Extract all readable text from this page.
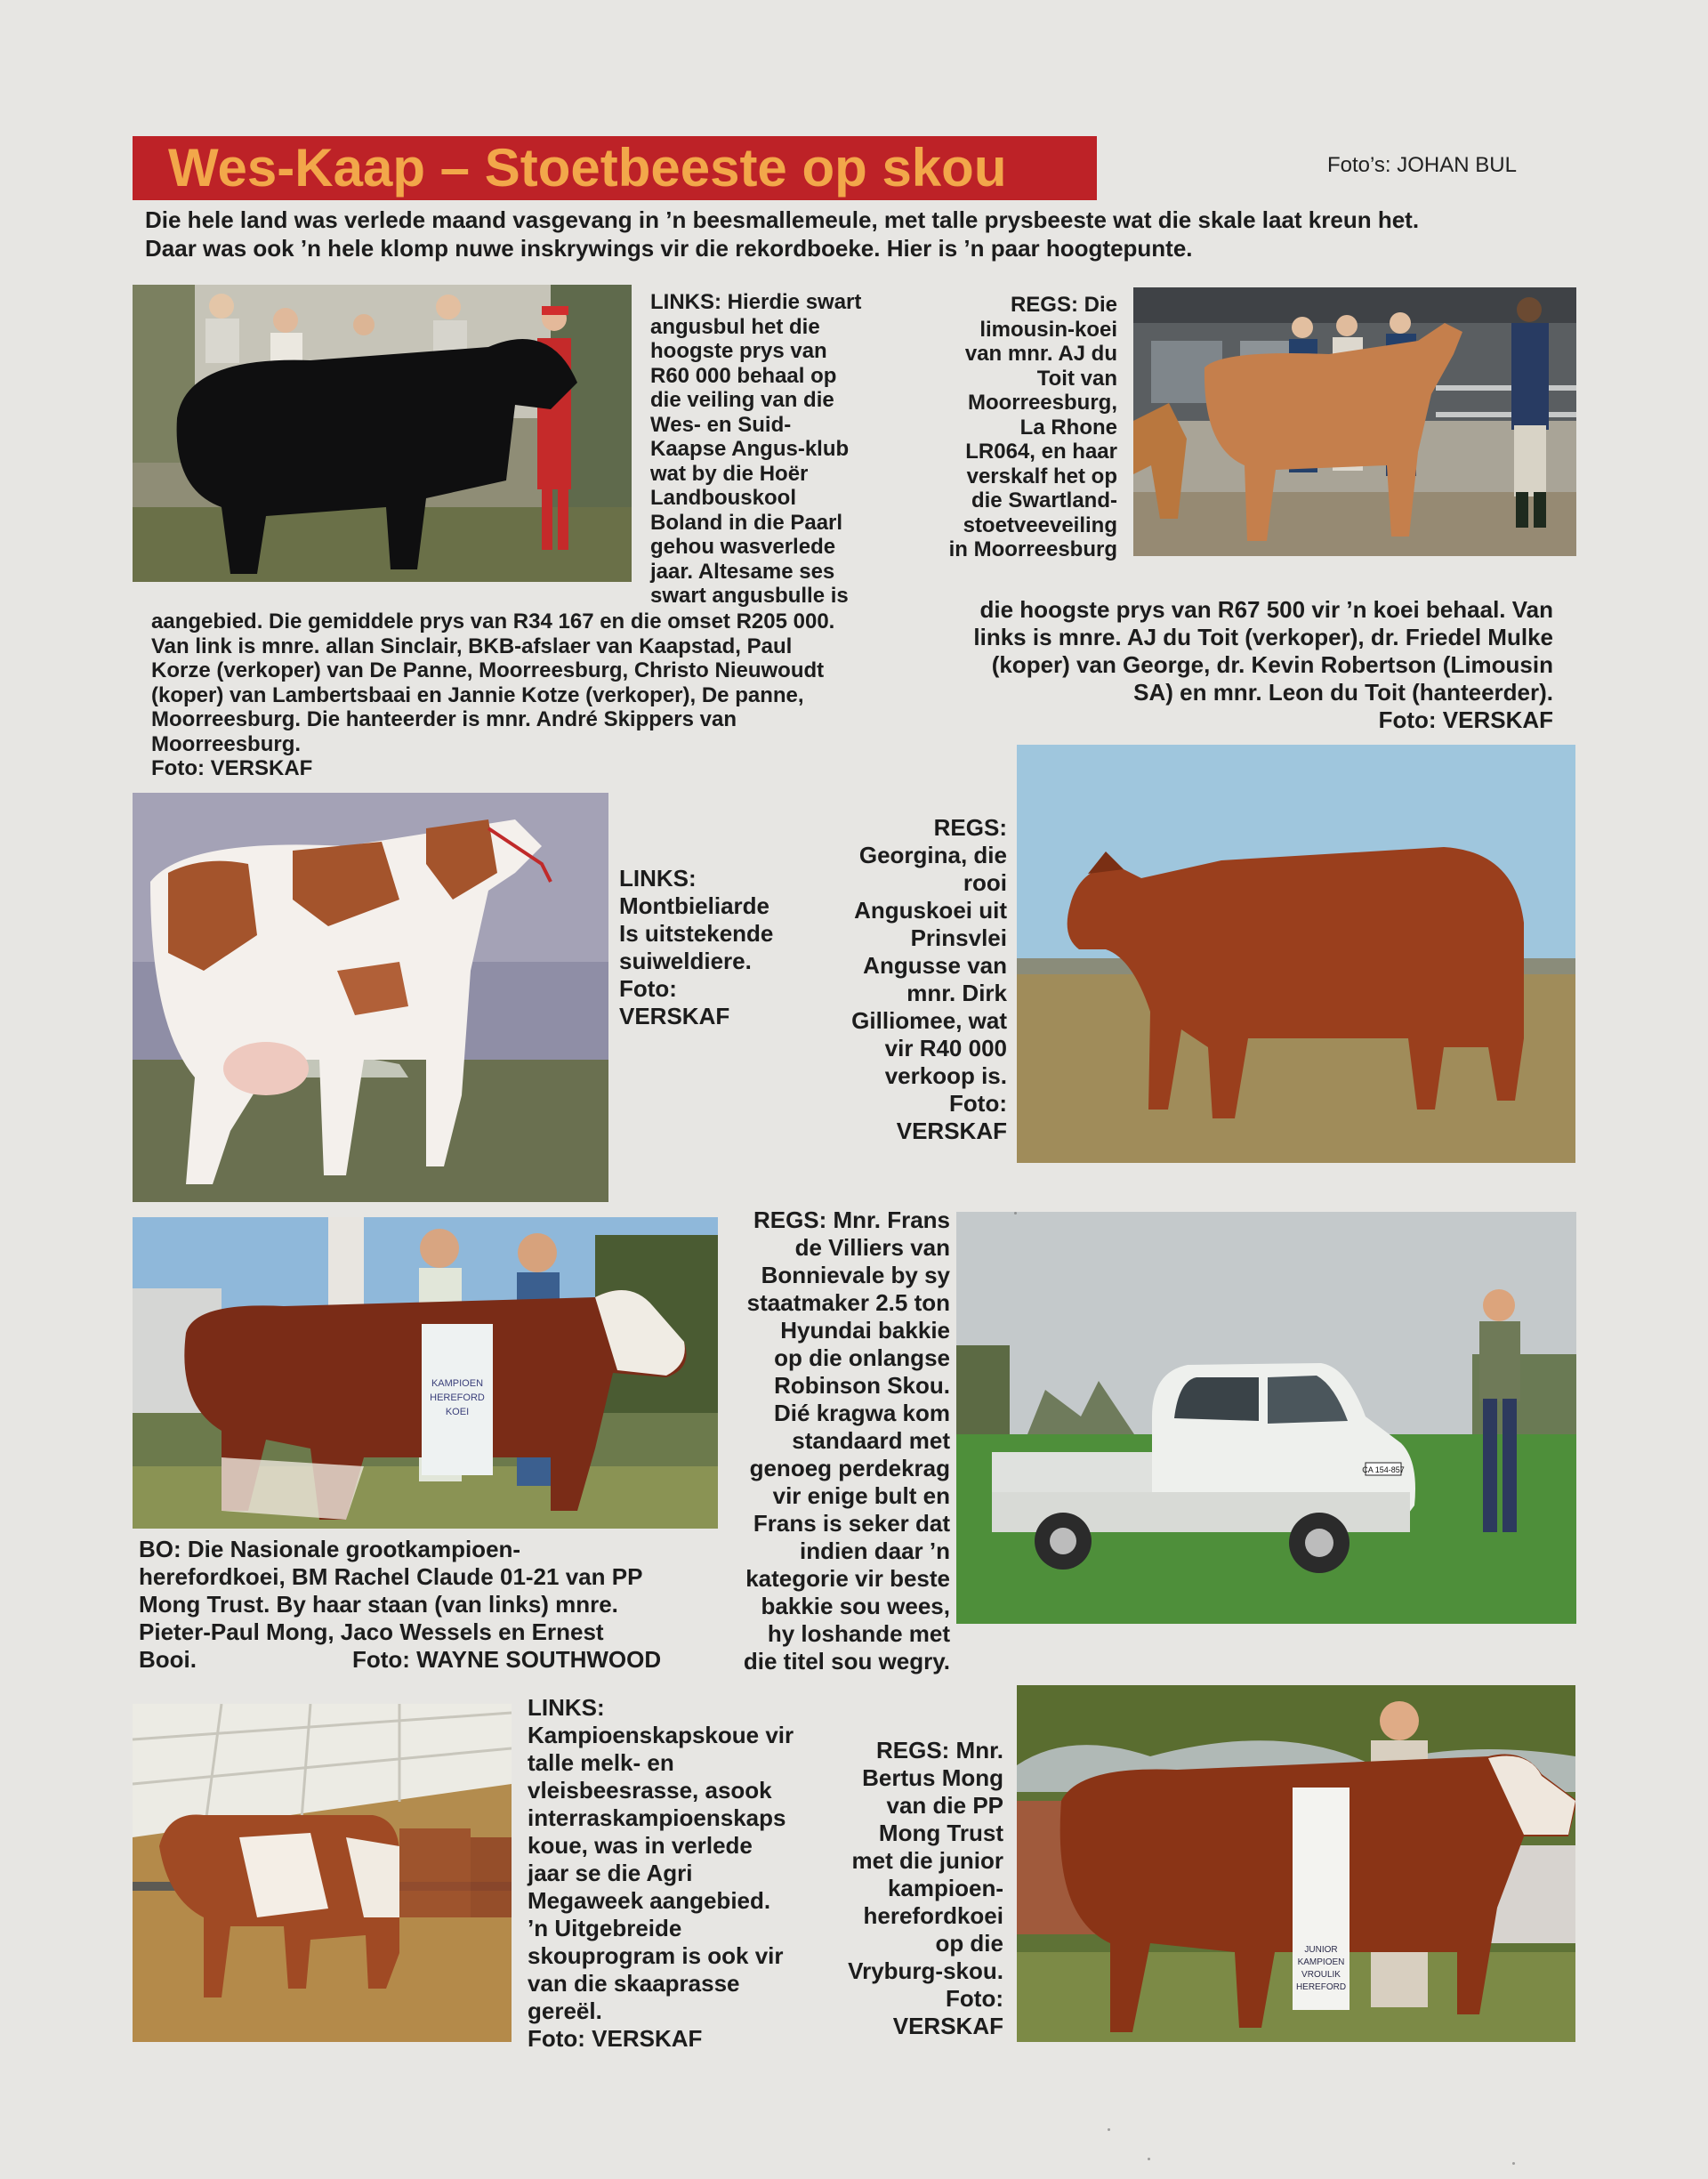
Wes-Kaap – Stoetbeeste op skou	Foto’s: JOHAN BUL
Die hele land was verlede maand vasgevang in ’n beesmallemeule, met talle prysbeeste wat die skale laat kreun het.
Daar was ook ’n hele klomp nuwe inskrywings vir die rekordboeke. Hier is ’n paar hoogtepunte.

LINKS: Hierdie swart

angusbul het die

hoogste prys van

R60 000 behaal op

die veiling van die

Wes- en Suid-

Kaapse Angus-klub

wat by die Hoër

Landbouskool

Boland in die Paarl

gehou wasverlede

jaar. Altesame ses

swart angusbulle is

aangebied. Die gemiddele prys van R34 167 en die omset R205 000.

Van link is mnre. allan Sinclair, BKB-afslaer van Kaapstad, Paul

Korze (verkoper) van De Panne, Moorreesburg, Christo Nieuwoudt

(koper) van Lambertsbaai en Jannie Kotze (verkoper), De panne,

Moorreesburg. Die hanteerder is mnr. André Skippers van

Moorreesburg.

Foto: VERSKAF

REGS: Die

limousin-koei

van mnr. AJ du

Toit van

Moorreesburg,

La Rhone

LR064, en haar

verskalf het op

die Swartland-

stoetveeveiling

in Moorreesburg

die hoogste prys van R67 500 vir ’n koei behaal. Van

links is mnre. AJ du Toit (verkoper), dr. Friedel Mulke

(koper) van George, dr. Kevin Robertson (Limousin

SA) en mnr. Leon du Toit (hanteerder).

Foto: VERSKAF

LINKS:

Montbieliarde

Is uitstekende

suiweldiere.

Foto:

VERSKAF

REGS:

Georgina, die

rooi

Anguskoei uit

Prinsvlei

Angusse van

mnr. Dirk

Gilliomee, wat

vir R40 000

verkoop is.

Foto:

VERSKAF

KAMPIOEN
HEREFORD
KOEI

BO: Die Nasionale grootkampioen-

herefordkoei, BM Rachel Claude 01-21 van PP

Mong Trust. By haar staan (van links) mnre.

Pieter-Paul Mong, Jaco Wessels en Ernest

Booi.	Foto: WAYNE SOUTHWOOD

CA 154-857

REGS: Mnr. Frans

de Villiers van

Bonnievale by sy

staatmaker 2.5 ton

Hyundai bakkie

op die onlangse

Robinson Skou.

Dié kragwa kom

standaard met

genoeg perdekrag

vir enige bult en

Frans is seker dat

indien daar ’n

kategorie vir beste

bakkie sou wees,

hy loshande met

die titel sou wegry.

LINKS:

Kampioenskapskoue vir

talle melk- en

vleisbeesrasse, asook

interraskampioenskaps

koue, was in verlede

jaar se die Agri

Megaweek aangebied.

’n Uitgebreide

skouprogram is ook vir

van die skaaprasse

gereël.

Foto: VERSKAF

JUNIOR
KAMPIOEN
VROULIK
HEREFORD

REGS: Mnr.

Bertus Mong

van die PP

Mong Trust

met die junior

kampioen-

herefordkoei

op die

Vryburg-skou.

Foto:

VERSKAF
